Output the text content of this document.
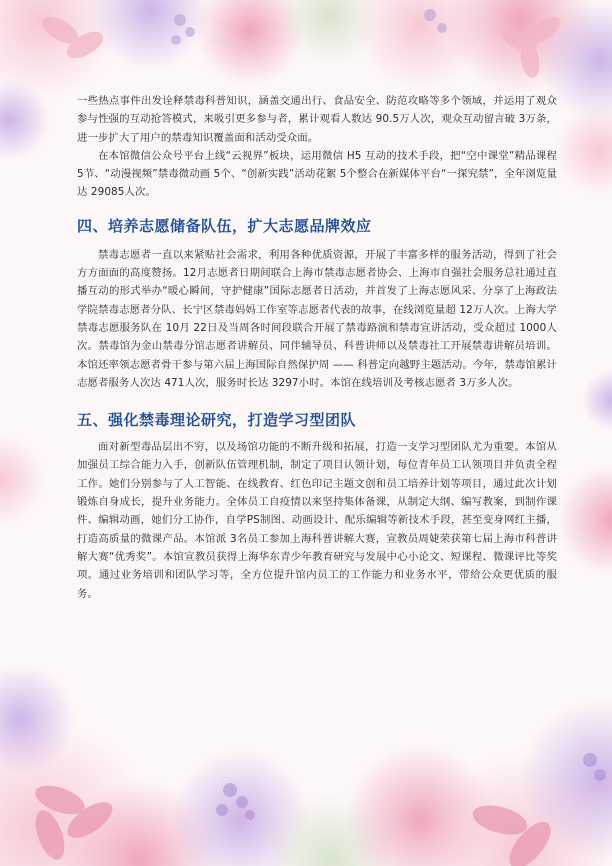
一些热点事件出发诠释禁毒科普知识，涵盖交通出行、食品安全、防范攻略等多个领域，并运用了观众参与性强的互动抢答模式，来吸引更多参与者，累计观看人数达 90.5万人次，观众互动留言破 3万条，进一步扩大了用户的禁毒知识覆盖面和活动受众面。

在本馆微信公众号平台上线“云视界”板块，运用微信 H5 互动的技术手段，把“空中课堂”精品课程5节、“动漫视频”禁毒微动画 5个、“创新实践”活动花絮 5个整合在新媒体平台“一探究禁”，全年浏览量达 29085人次。

四、培养志愿储备队伍，扩大志愿品牌效应

禁毒志愿者一直以来紧贴社会需求，利用各种优质资源，开展了丰富多样的服务活动，得到了社会方方面面的高度赞扬。12月志愿者日期间联合上海市禁毒志愿者协会、上海市自强社会服务总社通过直播互动的形式举办“暖心瞬间，守护健康”国际志愿者日活动，并首发了上海志愿风采、分享了上海政法学院禁毒志愿者分队、长宁区禁毒妈妈工作室等志愿者代表的故事，在线浏览量超 12万人次。上海大学禁毒志愿服务队在 10月 22日及当周各时间段联合开展了禁毒路演和禁毒宣讲活动，受众超过 1000人次。禁毒馆为金山禁毒分馆志愿者讲解员、同伴辅导员、科普讲师以及禁毒社工开展禁毒讲解员培训。本馆还率领志愿者骨干参与第六届上海国际自然保护周 —— 科普定向越野主题活动。今年，禁毒馆累计志愿者服务人次达 471人次，服务时长达 3297小时。本馆在线培训及考核志愿者 3万多人次。

五、强化禁毒理论研究，打造学习型团队

面对新型毒品层出不穷，以及场馆功能的不断升级和拓展，打造一支学习型团队尤为重要。本馆从加强员工综合能力入手，创新队伍管理机制，制定了项目认领计划，每位青年员工认领项目并负责全程工作。她们分别参与了人工智能、在线教育、红色印记主题文创和员工培养计划等项目，通过此次计划锻炼自身成长，提升业务能力。全体员工自疫情以来坚持集体备课，从制定大纲、编写教案，到制作课件、编辑动画，她们分工协作，自学PS制图、动画设计、配乐编辑等新技术手段，甚至变身网红主播，打造高质量的微课产品。本馆派 3名员工参加上海科普讲解大赛，宣教员周婕荣获第七届上海市科普讲解大赛“优秀奖”。本馆宣教员获得上海华东青少年教育研究与发展中心小论文、短课程、微课评比等奖项。通过业务培训和团队学习等，全方位提升馆内员工的工作能力和业务水平，带给公众更优质的服务。
